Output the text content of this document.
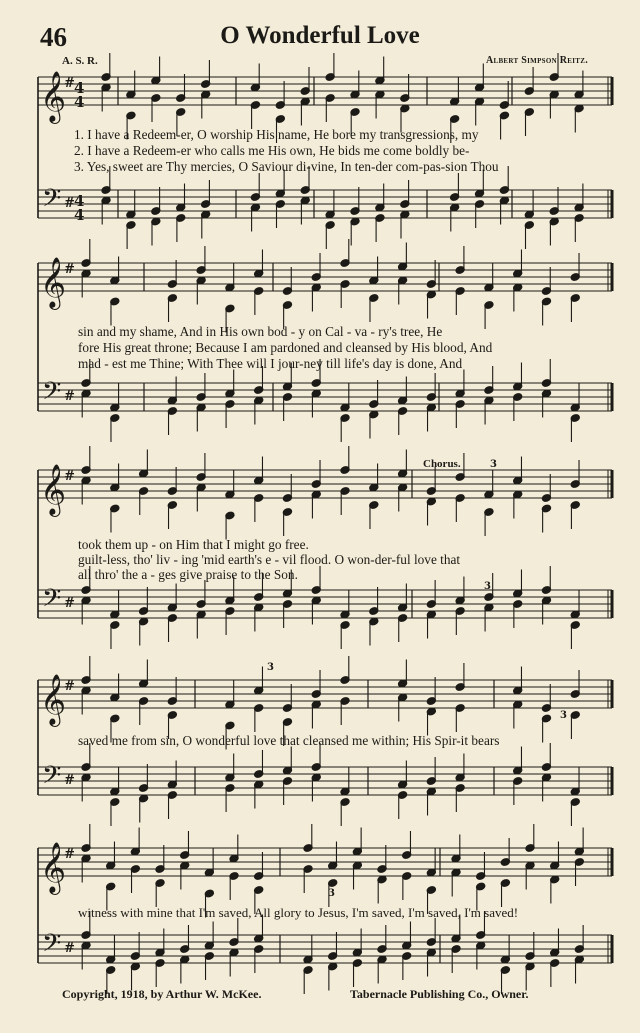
46	O Wonderful Love
A. S. R.	Albert Simpson Reitz.
𝄞
𝄢
#
#
4
4
4
4
𝄞
𝄢
#
#
𝄞
𝄢
#
#
𝄞
𝄢
#
#
𝄞
𝄢
#
#
3
3
3
3
3
1. I have a Redeem-er, O worship His name, He bore my transgressions, my
2. I have a Redeem-er who calls me His own, He bids me come boldly be-
3. Yes, sweet are Thy mercies, O Saviour di-vine, In ten-der com-pas-sion Thou
sin and my shame, And in His own bod - y on Cal - va - ry's tree, He
fore His great throne; Because I am pardoned and cleansed by His blood, And
mad - est me Thine; With Thee will I jour-ney till life's day is done, And
Chorus.
took them up - on Him that I might go free.
guilt-less, tho' liv - ing 'mid earth's e - vil flood. O won-der-ful love that
all thro' the a - ges give praise to the Son.
saved me from sin, O wonderful love that cleansed me within; His Spir-it bears
witness with mine that I'm saved, All glory to Jesus, I'm saved, I'm saved, I'm saved!
Copyright, 1918, by Arthur W. McKee.	Tabernacle Publishing Co., Owner.
